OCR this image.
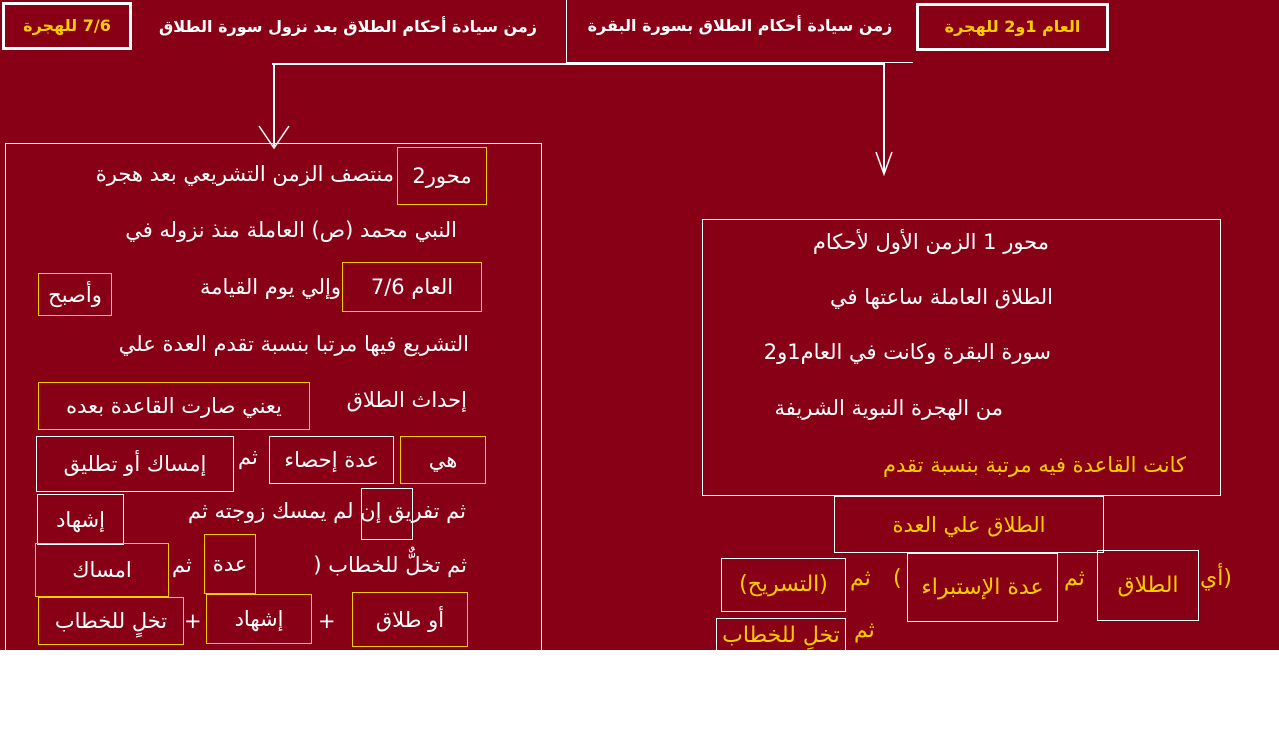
العام 1و2 للهجرة
زمن سيادة أحكام الطلاق بسورة البقرة
زمن سيادة أحكام الطلاق بعد نزول سورة الطلاق
7/6 للهجرة
محور2
منتصف الزمن التشريعي بعد هجرة
النبي محمد (ص) العاملة منذ نزوله في
العام 7/6
وإلي يوم القيامة
وأصبح
التشريع فيها مرتبا بنسبة تقدم العدة علي
إحداث الطلاق
يعني صارت القاعدة بعده
هي
عدة إحصاء
ثم
إمساك أو تطليق
ثم تفريق إن لم يمسك زوجته ثم
إشهاد
ثم تخلٌّ للخطاب (
عدة
ثم
امساك
أو طلاق
+
إشهاد
+
تخلٍ للخطاب
محور 1 الزمن الأول لأحكام
الطلاق العاملة ساعتها في
سورة البقرة وكانت في العام1و2
من الهجرة النبوية الشريفة
كانت القاعدة فيه مرتبة بنسبة تقدم
الطلاق علي العدة
(أي
الطلاق
ثم
عدة الإستبراء
)
ثم
(التسريح)
ثم
تخلٍ للخطاب
